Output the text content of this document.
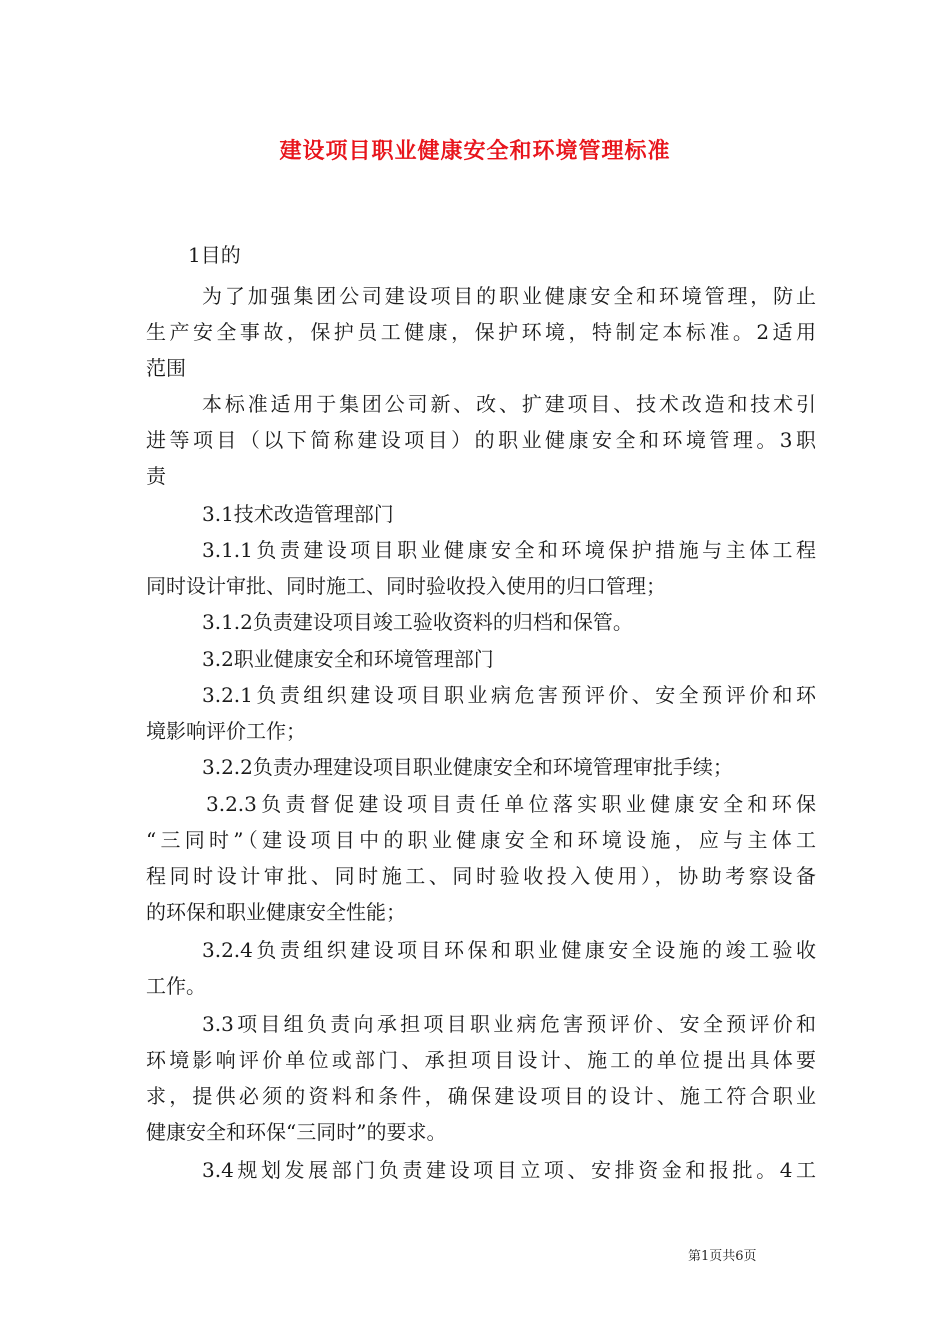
建设项目职业健康安全和环境管理标准
1目的
为了加强集团公司建设项目的职业健康安全和环境管理，防止
生产安全事故，保护员工健康，保护环境，特制定本标准。2适用
范围
本标准适用于集团公司新、改、扩建项目、技术改造和技术引
进等项目（以下简称建设项目）的职业健康安全和环境管理。3职
责
3.1技术改造管理部门
3.1.1负责建设项目职业健康安全和环境保护措施与主体工程
同时设计审批、同时施工、同时验收投入使用的归口管理；
3.1.2负责建设项目竣工验收资料的归档和保管。
3.2职业健康安全和环境管理部门
3.2.1负责组织建设项目职业病危害预评价、安全预评价和环
境影响评价工作；
3.2.2负责办理建设项目职业健康安全和环境管理审批手续；
3.2.3负责督促建设项目责任单位落实职业健康安全和环保
“三同时”（建设项目中的职业健康安全和环境设施，应与主体工
程同时设计审批、同时施工、同时验收投入使用），协助考察设备
的环保和职业健康安全性能；
3.2.4负责组织建设项目环保和职业健康安全设施的竣工验收
工作。
3.3项目组负责向承担项目职业病危害预评价、安全预评价和
环境影响评价单位或部门、承担项目设计、施工的单位提出具体要
求，提供必须的资料和条件，确保建设项目的设计、施工符合职业
健康安全和环保“三同时”的要求。
3.4规划发展部门负责建设项目立项、安排资金和报批。4工
第1页共6页
